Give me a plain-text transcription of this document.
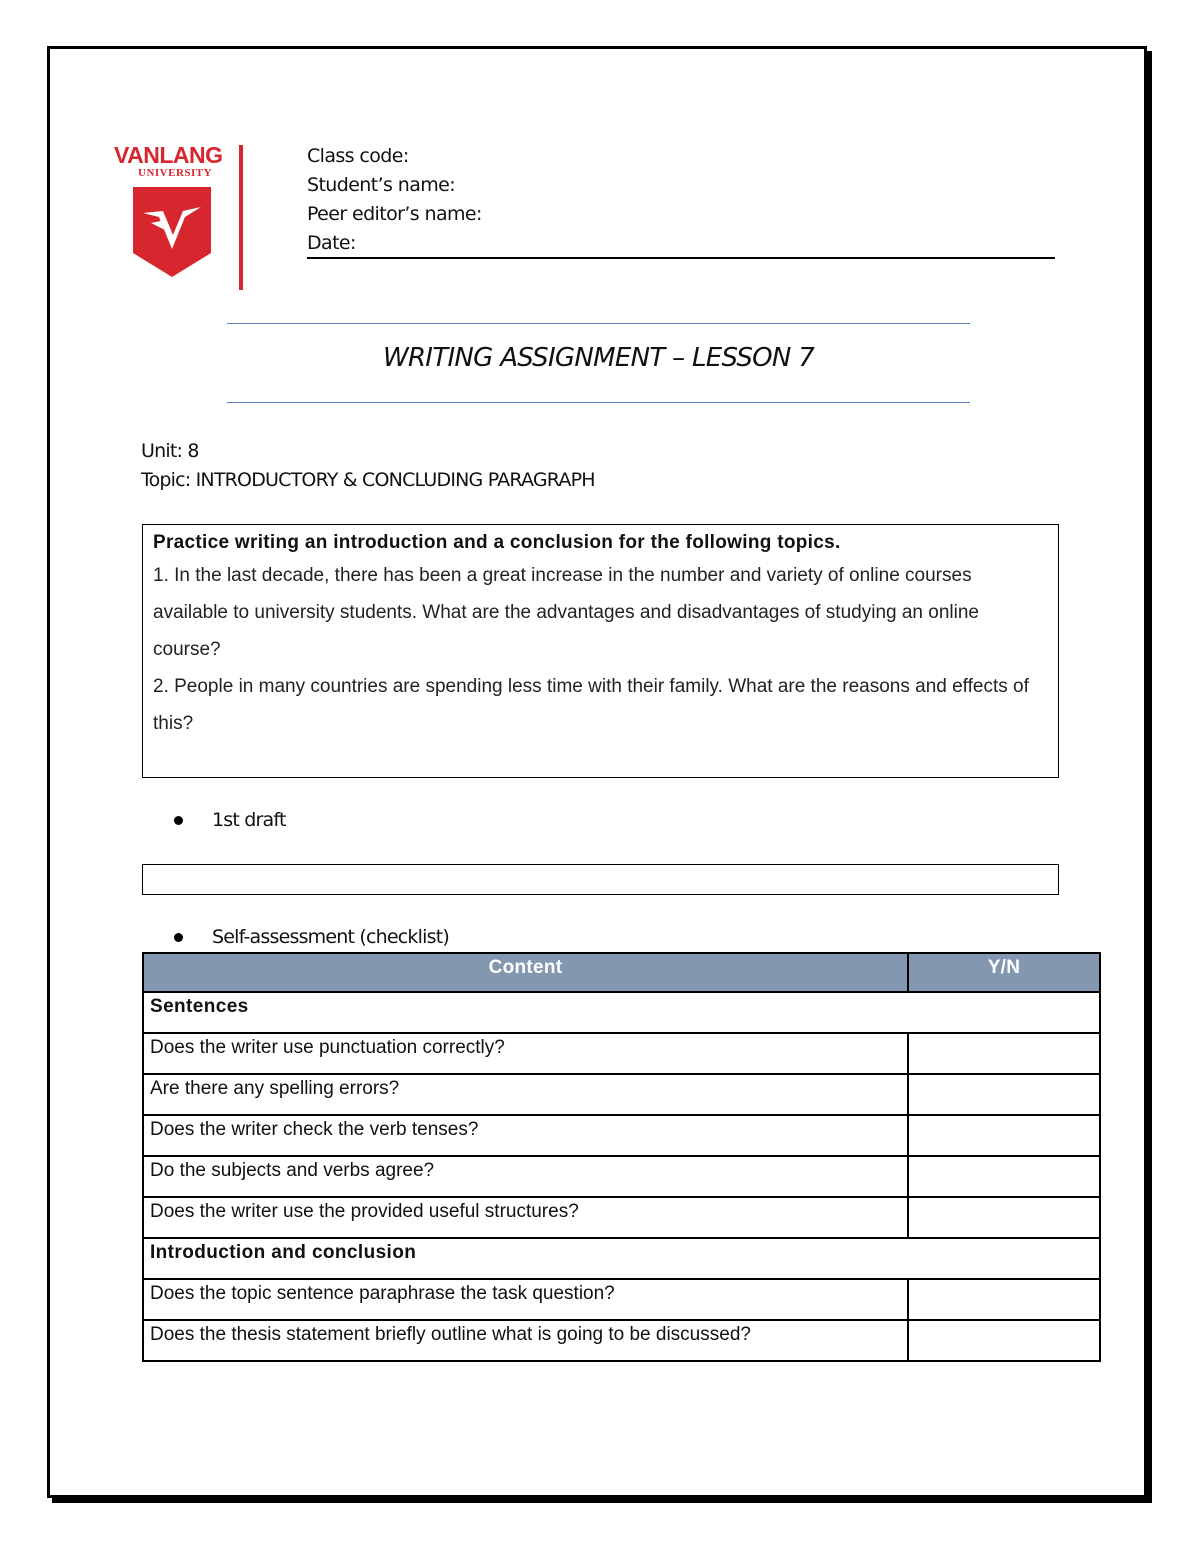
VANLANG
UNIVERSITY
Class code:
Student’s name:
Peer editor’s name:
Date:
WRITING ASSIGNMENT – LESSON 7
Unit: 8
Topic: INTRODUCTORY & CONCLUDING PARAGRAPH
Practice writing an introduction and a conclusion for the following topics.
1. In the last decade, there has been a great increase in the number and variety of online courses available to university students. What are the advantages and disadvantages of studying an online course?
2. People in many countries are spending less time with their family. What are the reasons and effects of this?
1st draft
Self-assessment (checklist)
Content	Y/N
Sentences	
Does the writer use punctuation correctly?	
Are there any spelling errors?	
Does the writer check the verb tenses?	
Do the subjects and verbs agree?	
Does the writer use the provided useful structures?	
Introduction and conclusion	
Does the topic sentence paraphrase the task question?	
Does the thesis statement briefly outline what is going to be discussed?	
